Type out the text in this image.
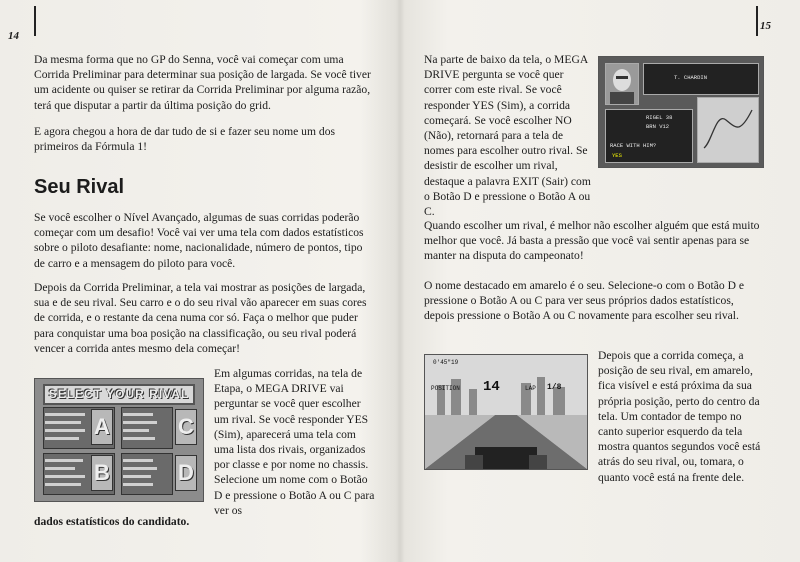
14

Da mesma forma que no GP do Senna, você vai começar com uma Corrida Preliminar para determinar sua posição de largada. Se você tiver um acidente ou quiser se retirar da Corrida Preliminar por alguma razão, terá que disputar a partir da última posição do grid.

E agora chegou a hora de dar tudo de si e fazer seu nome um dos primeiros da Fórmula 1!

Seu Rival

Se você escolher o Nível Avançado, algumas de suas corridas poderão começar com um desafio! Você vai ver uma tela com dados estatísticos sobre o piloto desafiante: nome, nacionalidade, número de pontos, tipo de carro e a mensagem do piloto para você.

Depois da Corrida Preliminar, a tela vai mostrar as posições de largada, sua e de seu rival. Seu carro e o do seu rival vão aparecer em suas cores de corrida, e o restante da cena numa cor só. Faça o melhor que puder para conquistar uma boa posição na classificação, ou seu rival poderá vencer a corrida antes mesmo dela começar!

SELECT YOUR RIVAL
A
B
C
D

Em algumas corridas, na tela de Etapa, o MEGA DRIVE vai perguntar se você quer escolher um rival. Se você responder YES (Sim), aparecerá uma tela com uma lista dos rivais, organizados por classe e por nome no chassis. Selecione um nome com o Botão D e pressione o Botão A ou C para ver os

dados estatísticos do candidato.

15

Na parte de baixo da tela, o MEGA DRIVE pergunta se você quer correr com este rival. Se você responder YES (Sim), a corrida começará. Se você escolher NO (Não), retornará para a tela de nomes para escolher outro rival. Se desistir de escolher um rival, destaque a palavra EXIT (Sair) com o Botão D e pressione o Botão A ou C.

T. CHARDIN
RIGEL 38
BRN V12
RACE WITH HIM?
YES

Quando escolher um rival, é melhor não escolher alguém que está muito melhor que você. Já basta a pressão que você vai sentir apenas para se manter na disputa do campeonato!

O nome destacado em amarelo é o seu. Selecione-o com o Botão D e pressione o Botão A ou C para ver seus próprios dados estatísticos, depois pressione o Botão A ou C novamente para escolher seu rival.

0'45"19
POSITION 14	LAP 1/8

Depois que a corrida começa, a posição de seu rival, em amarelo, fica visível e está próxima da sua própria posição, perto do centro da tela. Um contador de tempo no canto superior esquerdo da tela mostra quantos segundos você está atrás do seu rival, ou, tomara, o quanto você está na frente dele.
